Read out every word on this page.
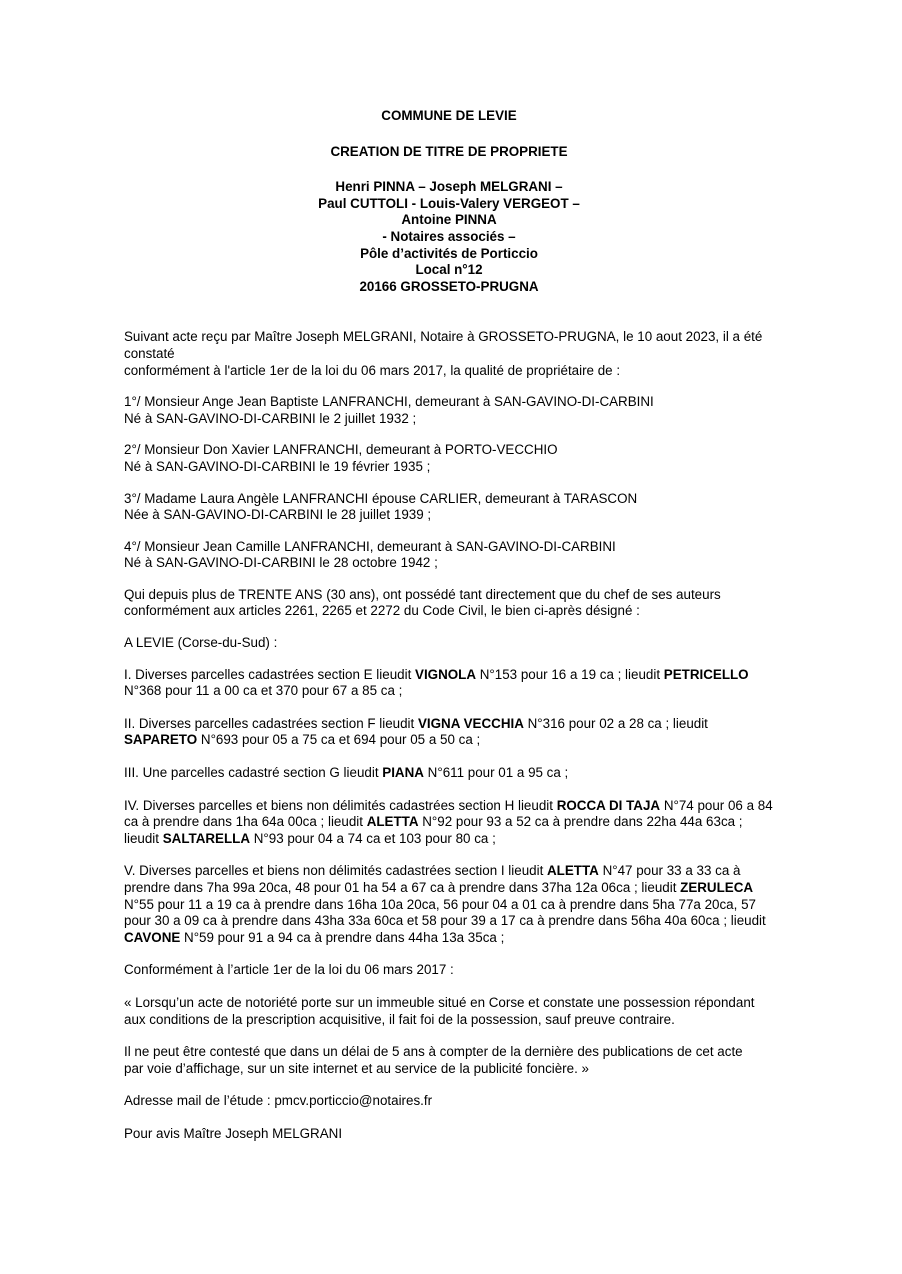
COMMUNE DE LEVIE

CREATION DE TITRE DE PROPRIETE

Henri PINNA – Joseph MELGRANI –

Paul CUTTOLI - Louis-Valery VERGEOT –

Antoine PINNA

- Notaires associés –

Pôle d’activités de Porticcio

Local n°12

20166 GROSSETO-PRUGNA

Suivant acte reçu par Maître Joseph MELGRANI, Notaire à GROSSETO-PRUGNA, le 10 aout 2023, il a été constaté
conformément à l'article 1er de la loi du 06 mars 2017, la qualité de propriétaire de :

1°/ Monsieur Ange Jean Baptiste LANFRANCHI, demeurant à SAN-GAVINO-DI-CARBINI
Né à SAN-GAVINO-DI-CARBINI le 2 juillet 1932 ;

2°/ Monsieur Don Xavier LANFRANCHI, demeurant à PORTO-VECCHIO
Né à SAN-GAVINO-DI-CARBINI le 19 février 1935 ;

3°/ Madame Laura Angèle LANFRANCHI épouse CARLIER, demeurant à TARASCON
Née à SAN-GAVINO-DI-CARBINI le 28 juillet 1939 ;

4°/ Monsieur Jean Camille LANFRANCHI, demeurant à SAN-GAVINO-DI-CARBINI
Né à SAN-GAVINO-DI-CARBINI le 28 octobre 1942 ;

Qui depuis plus de TRENTE ANS (30 ans), ont possédé tant directement que du chef de ses auteurs
conformément aux articles 2261, 2265 et 2272 du Code Civil, le bien ci-après désigné :

A LEVIE (Corse-du-Sud) :

I. Diverses parcelles cadastrées section E lieudit VIGNOLA N°153 pour 16 a 19 ca ; lieudit PETRICELLO
N°368 pour 11 a 00 ca et 370 pour 67 a 85 ca ;

II. Diverses parcelles cadastrées section F lieudit VIGNA VECCHIA N°316 pour 02 a 28 ca ; lieudit
SAPARETO N°693 pour 05 a 75 ca et 694 pour 05 a 50 ca ;

III. Une parcelles cadastré section G lieudit PIANA N°611 pour 01 a 95 ca ;

IV. Diverses parcelles et biens non délimités cadastrées section H lieudit ROCCA DI TAJA N°74 pour 06 a 84
ca à prendre dans 1ha 64a 00ca ; lieudit ALETTA N°92 pour 93 a 52 ca à prendre dans 22ha 44a 63ca ;
lieudit SALTARELLA N°93 pour 04 a 74 ca et 103 pour 80 ca ;

V. Diverses parcelles et biens non délimités cadastrées section I lieudit ALETTA N°47 pour 33 a 33 ca à
prendre dans 7ha 99a 20ca, 48 pour 01 ha 54 a 67 ca à prendre dans 37ha 12a 06ca ; lieudit ZERULECA
N°55 pour 11 a 19 ca à prendre dans 16ha 10a 20ca, 56 pour 04 a 01 ca à prendre dans 5ha 77a 20ca, 57
pour 30 a 09 ca à prendre dans 43ha 33a 60ca et 58 pour 39 a 17 ca à prendre dans 56ha 40a 60ca ; lieudit
CAVONE N°59 pour 91 a 94 ca à prendre dans 44ha 13a 35ca ;

Conformément à l’article 1er de la loi du 06 mars 2017 :

« Lorsqu’un acte de notoriété porte sur un immeuble situé en Corse et constate une possession répondant
aux conditions de la prescription acquisitive, il fait foi de la possession, sauf preuve contraire.

Il ne peut être contesté que dans un délai de 5 ans à compter de la dernière des publications de cet acte
par voie d’affichage, sur un site internet et au service de la publicité foncière. »

Adresse mail de l’étude : pmcv.porticcio@notaires.fr

Pour avis Maître Joseph MELGRANI
